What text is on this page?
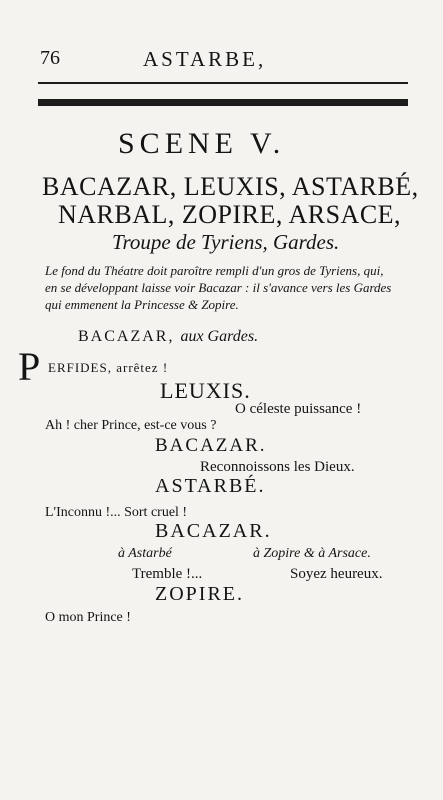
76	ASTARBE,
SCENE V.
BACAZAR, LEUXIS, ASTARBÉ,
NARBAL, ZOPIRE, ARSACE,
Troupe de Tyriens, Gardes.
Le fond du Théatre doit paroître rempli d'un gros de Tyriens, qui, en se développant laisse voir Bacazar : il s'avance vers les Gardes qui emmenent la Princesse & Zopire.
BACAZAR, aux Gardes.
P ERFIDES, arrêtez !
LEUXIS.
O céleste puissance !
Ah ! cher Prince, est-ce vous ?
BACAZAR.
Reconnoissons les Dieux.
ASTARBÉ.
L'Inconnu !... Sort cruel !
BACAZAR.
à Astarbé	à Zopire & à Arsace.
Tremble !...	Soyez heureux.
ZOPIRE.
O mon Prince !
